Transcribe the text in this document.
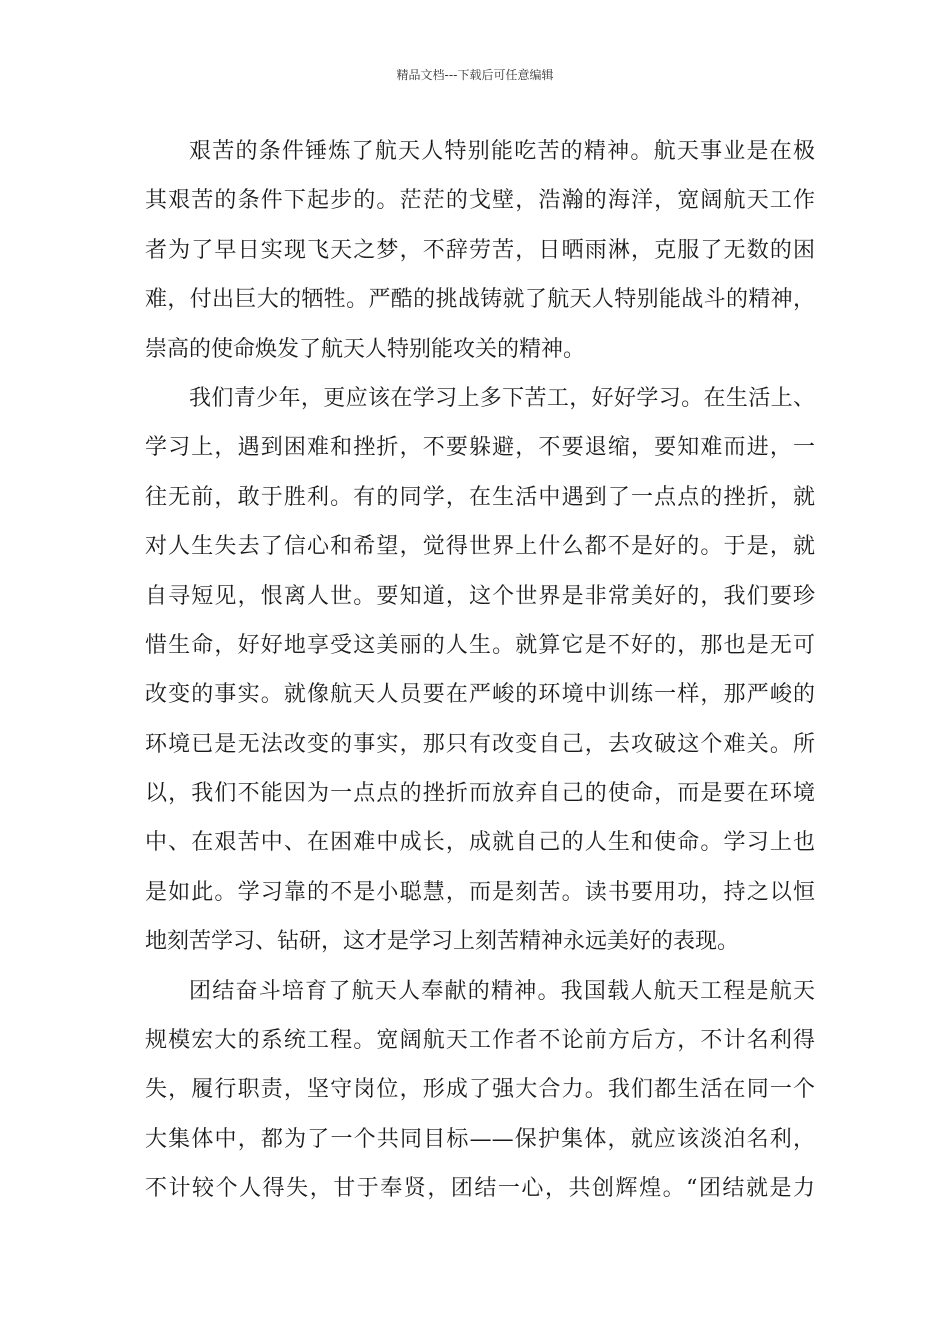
精品文档---下载后可任意编辑
艰苦的条件锤炼了航天人特别能吃苦的精神。航天事业是在极
其艰苦的条件下起步的。茫茫的戈壁，浩瀚的海洋，宽阔航天工作
者为了早日实现飞天之梦，不辞劳苦，日晒雨淋，克服了无数的困
难，付出巨大的牺牲。严酷的挑战铸就了航天人特别能战斗的精神，
崇高的使命焕发了航天人特别能攻关的精神。
我们青少年，更应该在学习上多下苦工，好好学习。在生活上、
学习上，遇到困难和挫折，不要躲避，不要退缩，要知难而进，一
往无前，敢于胜利。有的同学，在生活中遇到了一点点的挫折，就
对人生失去了信心和希望，觉得世界上什么都不是好的。于是，就
自寻短见，恨离人世。要知道，这个世界是非常美好的，我们要珍
惜生命，好好地享受这美丽的人生。就算它是不好的，那也是无可
改变的事实。就像航天人员要在严峻的环境中训练一样，那严峻的
环境已是无法改变的事实，那只有改变自己，去攻破这个难关。所
以，我们不能因为一点点的挫折而放弃自己的使命，而是要在环境
中、在艰苦中、在困难中成长，成就自己的人生和使命。学习上也
是如此。学习靠的不是小聪慧，而是刻苦。读书要用功，持之以恒
地刻苦学习、钻研，这才是学习上刻苦精神永远美好的表现。
团结奋斗培育了航天人奉献的精神。我国载人航天工程是航天
规模宏大的系统工程。宽阔航天工作者不论前方后方，不计名利得
失，履行职责，坚守岗位，形成了强大合力。我们都生活在同一个
大集体中，都为了一个共同目标——保护集体，就应该淡泊名利，
不计较个人得失，甘于奉贤，团结一心，共创辉煌。“团结就是力
